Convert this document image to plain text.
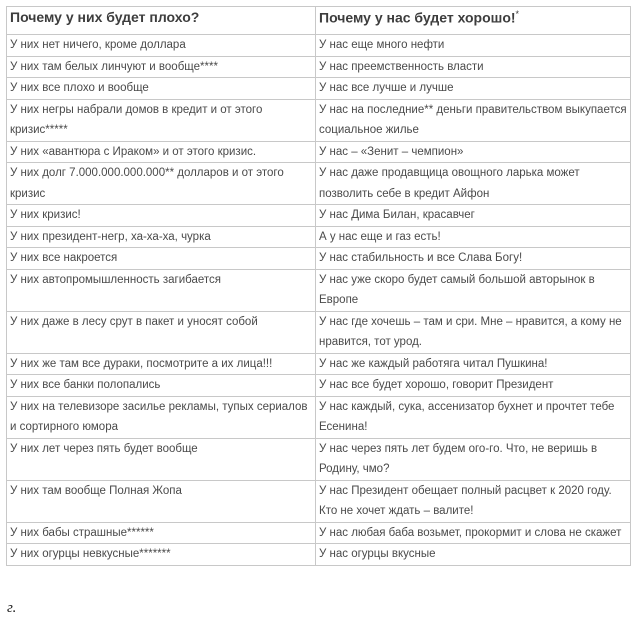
Почему у них будет плохо?	Почему у нас будет хорошо!*
У них нет ничего, кроме доллара	У нас еще много нефти
У них там белых линчуют и вообще****	У нас преемственность власти
У них все плохо и вообще	У нас все лучше и лучше
У них негры набрали домов в кредит и от этого кризис*****	У нас на последние** деньги правительством выкупается социальное жилье
У них «авантюра с Ираком» и от этого кризис.	У нас – «Зенит – чемпион»
У них долг 7.000.000.000.000** долларов и от этого кризис	У нас даже продавщица овощного ларька может позволить себе в кредит Айфон
У них кризис!	У нас Дима Билан, красавчег
У них президент-негр, ха-ха-ха, чурка	А у нас еще и газ есть!
У них все накроется	У нас стабильность и все Слава Богу!
У них автопромышленность загибается	У нас уже скоро будет самый большой авторынок в Европе
У них даже в лесу срут в пакет и уносят собой	У нас где хочешь – там и сри. Мне – нравится, а кому не нравится, тот урод.
У них же там все дураки, посмотрите а их лица!!!	У нас же каждый работяга читал Пушкина!
У них все банки полопались	У нас все будет хорошо, говорит Президент
У них на телевизоре засилье рекламы, тупых сериалов и сортирного юмора	У нас каждый, сука, ассенизатор бухнет и прочтет тебе Есенина!
У них лет через пять будет вообще	У нас через пять лет будем ого-го. Что, не веришь в Родину, чмо?
У них там вообще Полная Жопа	У нас Президент обещает полный расцвет к 2020 году. Кто не хочет ждать – валите!
У них бабы страшные******	У нас любая баба возьмет, прокормит и слова не скажет
У них огурцы невкусные*******	У нас огурцы вкусные
г.
